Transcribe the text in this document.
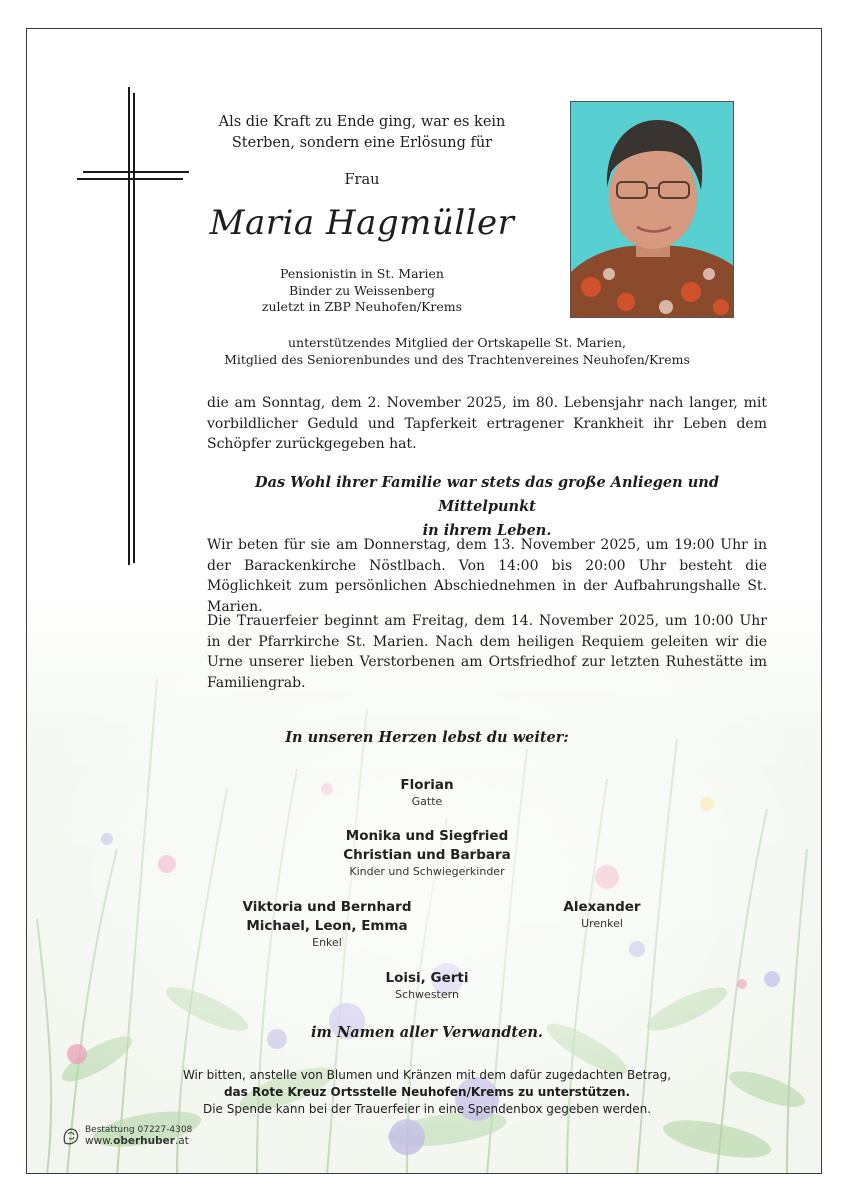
Als die Kraft zu Ende ging, war es kein
Sterben, sondern eine Erlösung für
Frau
Maria Hagmüller
Pensionistin in St. Marien
Binder zu Weissenberg
zuletzt in ZBP Neuhofen/Krems
unterstützendes Mitglied der Ortskapelle St. Marien,
Mitglied des Seniorenbundes und des Trachtenvereines Neuhofen/Krems
die am Sonntag, dem 2. November 2025, im 80. Lebensjahr nach langer, mit vorbildlicher Geduld und Tapferkeit ertragener Krankheit ihr Leben dem Schöpfer zurückgegeben hat.
Das Wohl ihrer Familie war stets das große Anliegen und Mittelpunkt
in ihrem Leben.
Wir beten für sie am Donnerstag, dem 13. November 2025, um 19:00 Uhr in der Barackenkirche Nöstlbach. Von 14:00 bis 20:00 Uhr besteht die Möglichkeit zum persönlichen Abschiednehmen in der Aufbahrungshalle St. Marien.
Die Trauerfeier beginnt am Freitag, dem 14. November 2025, um 10:00 Uhr in der Pfarrkirche St. Marien. Nach dem heiligen Requiem geleiten wir die Urne unserer lieben Verstorbenen am Ortsfriedhof zur letzten Ruhestätte im Familiengrab.
In unseren Herzen lebst du weiter:
Florian
Gatte
Monika und Siegfried
Christian und Barbara
Kinder und Schwiegerkinder
Viktoria und Bernhard
Michael, Leon, Emma
Enkel
Alexander
Urenkel
Loisi, Gerti
Schwestern
im Namen aller Verwandten.
Wir bitten, anstelle von Blumen und Kränzen mit dem dafür zugedachten Betrag,
das Rote Kreuz Ortsstelle Neuhofen/Krems zu unterstützen.
Die Spende kann bei der Trauerfeier in eine Spendenbox gegeben werden.
Bestattung 07227-4308
www.oberhuber.at
